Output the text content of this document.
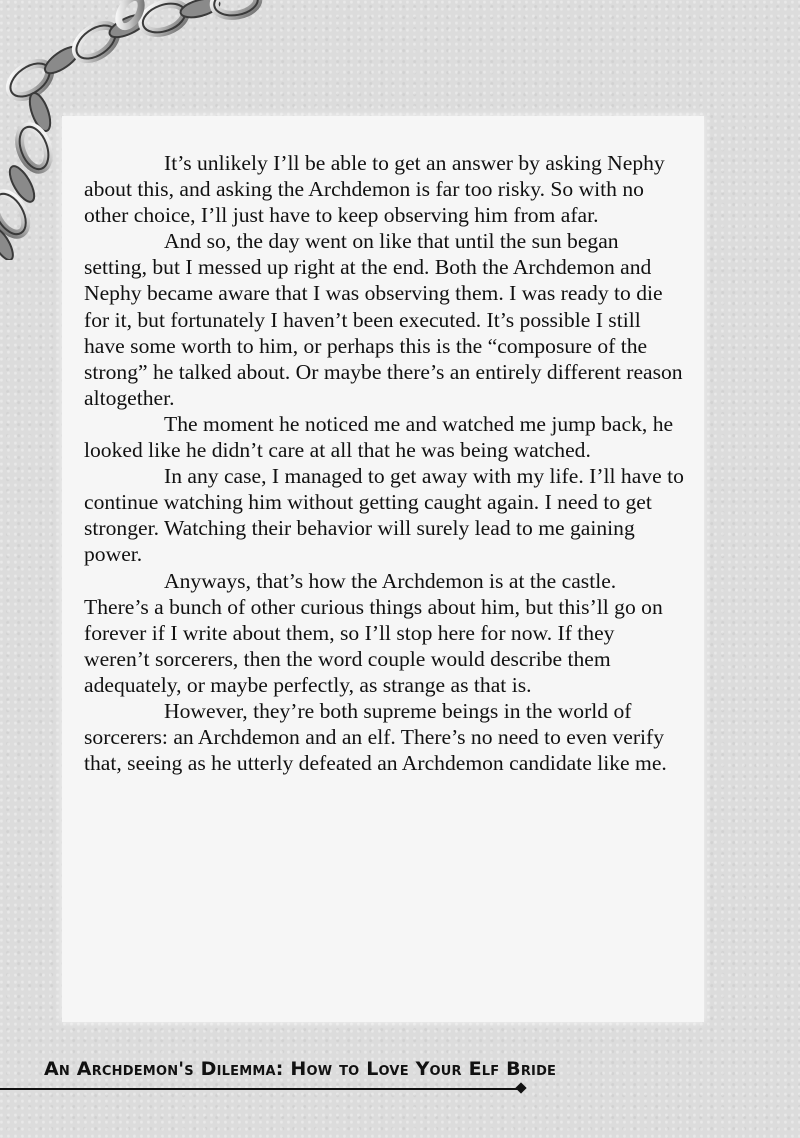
It’s unlikely I’ll be able to get an answer by asking Nephy about this, and asking the Archdemon is far too risky. So with no other choice, I’ll just have to keep observing him from afar.

And so, the day went on like that until the sun began setting, but I messed up right at the end. Both the Archdemon and Nephy became aware that I was observing them. I was ready to die for it, but fortunately I haven’t been executed. It’s possible I still have some worth to him, or perhaps this is the “composure of the strong” he talked about. Or maybe there’s an entirely different reason altogether.

The moment he noticed me and watched me jump back, he looked like he didn’t care at all that he was being watched.

In any case, I managed to get away with my life. I’ll have to continue watching him without getting caught again. I need to get stronger. Watching their behavior will surely lead to me gaining power.

Anyways, that’s how the Archdemon is at the castle. There’s a bunch of other curious things about him, but this’ll go on forever if I write about them, so I’ll stop here for now. If they weren’t sorcerers, then the word couple would describe them adequately, or maybe perfectly, as strange as that is.

However, they’re both supreme beings in the world of sorcerers: an Archdemon and an elf. There’s no need to even verify that, seeing as he utterly defeated an Archdemon candidate like me.

An Archdemon's Dilemma: How to Love Your Elf Bride
